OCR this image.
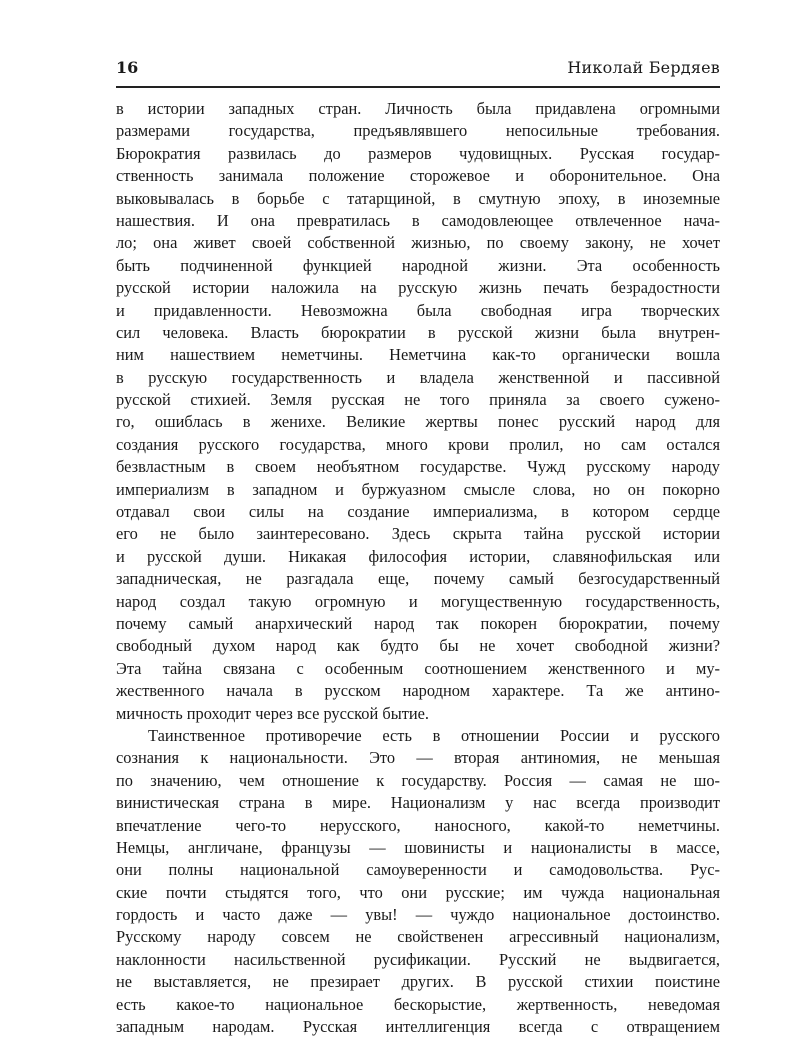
16	Николай Бердяев
в истории западных стран. Личность была придавлена огромными
размерами государства, предъявлявшего непосильные требования.
Бюрократия развилась до размеров чудовищных. Русская государ-
ственность занимала положение сторожевое и оборонительное. Она
выковывалась в борьбе с татарщиной, в смутную эпоху, в иноземные
нашествия. И она превратилась в самодовлеющее отвлеченное нача-
ло; она живет своей собственной жизнью, по своему закону, не хочет
быть подчиненной функцией народной жизни. Эта особенность
русской истории наложила на русскую жизнь печать безрадостности
и придавленности. Невозможна была свободная игра творческих
сил человека. Власть бюрократии в русской жизни была внутрен-
ним нашествием неметчины. Неметчина как-то органически вошла
в русскую государственность и владела женственной и пассивной
русской стихией. Земля русская не того приняла за своего сужено-
го, ошиблась в женихе. Великие жертвы понес русский народ для
создания русского государства, много крови пролил, но сам остался
безвластным в своем необъятном государстве. Чужд русскому народу
империализм в западном и буржуазном смысле слова, но он покорно
отдавал свои силы на создание империализма, в котором сердце
его не было заинтересовано. Здесь скрыта тайна русской истории
и русской души. Никакая философия истории, славянофильская или
западническая, не разгадала еще, почему самый безгосударственный
народ создал такую огромную и могущественную государственность,
почему самый анархический народ так покорен бюрократии, почему
свободный духом народ как будто бы не хочет свободной жизни?
Эта тайна связана с особенным соотношением женственного и му-
жественного начала в русском народном характере. Та же антино-
мичность проходит через все русской бытие.
Таинственное противоречие есть в отношении России и русского
сознания к национальности. Это — вторая антиномия, не меньшая
по значению, чем отношение к государству. Россия — самая не шо-
винистическая страна в мире. Национализм у нас всегда производит
впечатление чего-то нерусского, наносного, какой-то неметчины.
Немцы, англичане, французы — шовинисты и националисты в массе,
они полны национальной самоуверенности и самодовольства. Рус-
ские почти стыдятся того, что они русские; им чужда национальная
гордость и часто даже — увы! — чуждо национальное достоинство.
Русскому народу совсем не свойственен агрессивный национализм,
наклонности насильственной русификации. Русский не выдвигается,
не выставляется, не презирает других. В русской стихии поистине
есть какое-то национальное бескорыстие, жертвенность, неведомая
западным народам. Русская интеллигенция всегда с отвращением
